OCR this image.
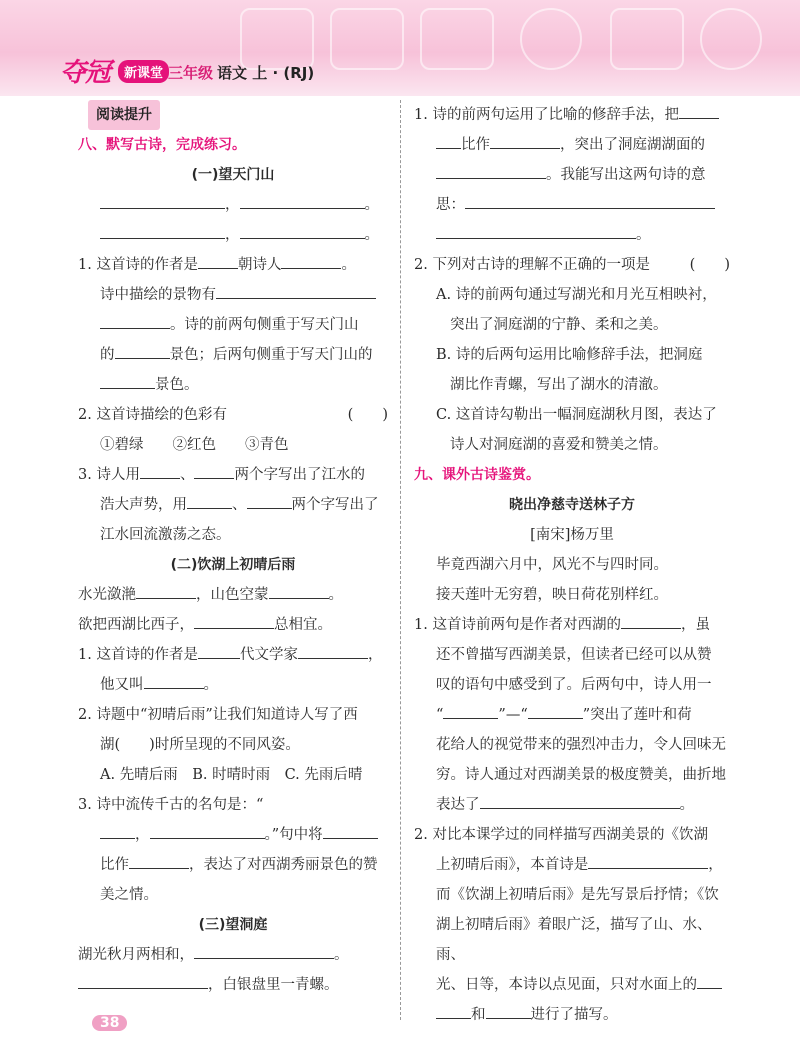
夺冠	新课堂 三年级 语文 上 · (RJ)

阅读提升

八、默写古诗，完成练习。

(一)望天门山

，	。

，	。

1. 这首诗的作者是	朝诗人	。

诗中描绘的景物有

。诗的前两句侧重于写天门山

的	景色；后两句侧重于写天门山的

景色。

2. 这首诗描绘的色彩有	(　　)

①碧绿　　②红色　　③青色

3. 诗人用	、	两个字写出了江水的

浩大声势，用	、	两个字写出了

江水回流激荡之态。

(二)饮湖上初晴后雨

水光潋滟	，山色空蒙	。

欲把西湖比西子，	总相宜。

1. 这首诗的作者是	代文学家	，

他又叫	。

2. 诗题中“初晴后雨”让我们知道诗人写了西

湖(　　)时所呈现的不同风姿。

A. 先晴后雨　B. 时晴时雨　C. 先雨后晴

3. 诗中流传千古的名句是：“

，	。”句中将

比作	，表达了对西湖秀丽景色的赞

美之情。

(三)望洞庭

湖光秋月两相和，	。

，白银盘里一青螺。

1. 诗的前两句运用了比喻的修辞手法，把

比作	，突出了洞庭湖湖面的

。我能写出这两句诗的意

思：

。

2. 下列对古诗的理解不正确的一项是	(　　)

A. 诗的前两句通过写湖光和月光互相映衬，

突出了洞庭湖的宁静、柔和之美。

B. 诗的后两句运用比喻修辞手法，把洞庭

湖比作青螺，写出了湖水的清澈。

C. 这首诗勾勒出一幅洞庭湖秋月图，表达了

诗人对洞庭湖的喜爱和赞美之情。

九、课外古诗鉴赏。

晓出净慈寺送林子方

[南宋]杨万里

毕竟西湖六月中，风光不与四时同。

接天莲叶无穷碧，映日荷花别样红。

1. 这首诗前两句是作者对西湖的	，虽

还不曾描写西湖美景，但读者已经可以从赞

叹的语句中感受到了。后两句中，诗人用一

“	”—“	”突出了莲叶和荷

花给人的视觉带来的强烈冲击力，令人回味无

穷。诗人通过对西湖美景的极度赞美，曲折地

表达了	。

2. 对比本课学过的同样描写西湖美景的《饮湖

上初晴后雨》，本首诗是	，

而《饮湖上初晴后雨》是先写景后抒情；《饮

湖上初晴后雨》着眼广泛，描写了山、水、雨、

光、日等，本诗以点见面，只对水面上的

和	进行了描写。

38
